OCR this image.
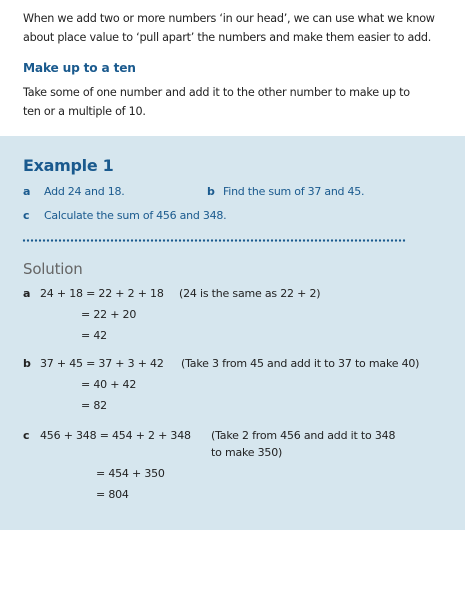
When we add two or more numbers ‘in our head’, we can use what we know about place value to ‘pull apart’ the numbers and make them easier to add.
Make up to a ten
Take some of one number and add it to the other number to make up to ten or a multiple of 10.
Example 1
a Add 24 and 18.	b Find the sum of 37 and 45.
c Calculate the sum of 456 and 348.
Solution
a 24 + 18 = 22 + 2 + 18 (24 is the same as 22 + 2)
= 22 + 20
= 42
b 37 + 45 = 37 + 3 + 42 (Take 3 from 45 and add it to 37 to make 40)
= 40 + 42
= 82
c 456 + 348 = 454 + 2 + 348 (Take 2 from 456 and add it to 348
to make 350)
= 454 + 350
= 804
